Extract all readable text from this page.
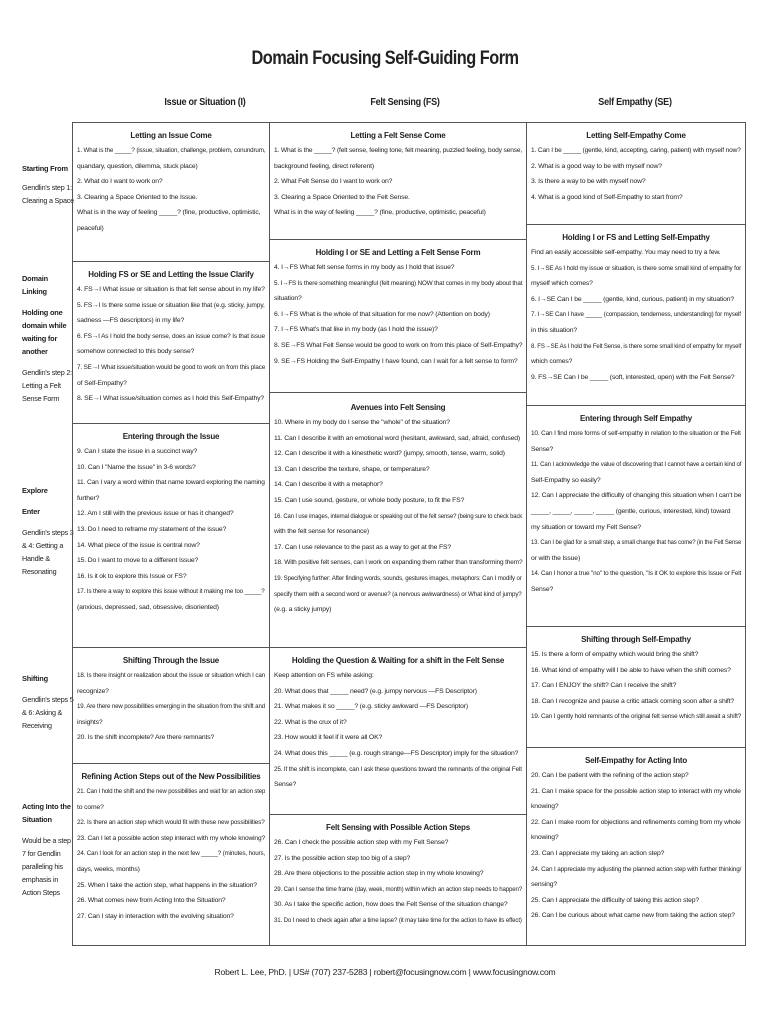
Domain Focusing Self-Guiding Form
Issue or Situation (I)	Felt Sensing (FS)	Self Empathy (SE)
Starting From
Gendlin's step 1: Clearing a Space
Domain Linking
Holding one domain while waiting for another
Gendlin's step 2: Letting a Felt Sense Form
Explore
Enter
Gendlin's steps 3 & 4: Getting a Handle & Resonating
Shifting
Gendlin's steps 5 & 6: Asking & Receiving
Acting Into the Situation
Would be a step 7 for Gendlin paralleling his emphasis in Action Steps
Letting an Issue Come
1. What is the _____? (issue, situation, challenge, problem, conundrum,
quandary, question, dilemma, stuck place)
2. What do I want to work on?
3. Clearing a Space Oriented to the Issue.
What is in the way of feeling _____? (fine, productive, optimistic,
peaceful)
Holding FS or SE and Letting the Issue Clarify
4. FS→I What issue or situation is that felt sense about in my life?
5. FS→I Is there some issue or situation like that (e.g. sticky, jumpy,
sadness —FS descriptors) in my life?
6. FS→I As I hold the body sense, does an issue come? Is that issue
somehow connected to this body sense?
7. SE→I What issue/situation would be good to work on from this place
of Self-Empathy?
8. SE→I What issue/situation comes as I hold this Self-Empathy?
Entering through the Issue
9. Can I state the issue in a succinct way?
10. Can I "Name the Issue" in 3-6 words?
11. Can I vary a word within that name toward exploring the naming
further?
12. Am I still with the previous issue or has it changed?
13. Do I need to reframe my statement of the issue?
14. What piece of the issue is central now?
15. Do I want to move to a different Issue?
16. Is it ok to explore this Issue or FS?
17. Is there a way to explore this issue without it making me too _____?
(anxious, depressed, sad, obsessive, disoriented)
Shifting Through the Issue
18. Is there insight or realization about the issue or situation which I can
recognize?
19. Are there new possibilities emerging in the situation from the shift and
insights?
20. Is the shift incomplete? Are there remnants?
Refining Action Steps out of the New Possibilities
21. Can I hold the shift and the new possibilities and wait for an action step
to come?
22. Is there an action step which would fit with these new possibilities?
23. Can I let a possible action step interact with my whole knowing?
24. Can I look for an action step in the next few _____? (minutes, hours,
days, weeks, months)
25. When I take the action step, what happens in the situation?
26. What comes new from Acting Into the Situation?
27. Can I stay in interaction with the evolving situation?
Letting a Felt Sense Come
1. What is the _____? (felt sense, feeling tone, felt meaning, puzzled feeling, body sense,
background feeling, direct referent)
2. What Felt Sense do I want to work on?
3. Clearing a Space Oriented to the Felt Sense.
What is in the way of feeling _____? (fine, productive, optimistic, peaceful)
Holding I or SE and Letting a Felt Sense Form
4. I→FS What felt sense forms in my body as I hold that issue?
5. I→FS Is there something meaningful (felt meaning) NOW that comes in my body about that
situation?
6. I→FS What is the whole of that situation for me now? (Attention on body)
7. I→FS What's that like in my body (as I hold the issue)?
8. SE→FS What Felt Sense would be good to work on from this place of Self-Empathy?
9. SE→FS Holding the Self-Empathy I have found, can I wait for a felt sense to form?
Avenues into Felt Sensing
10. Where in my body do I sense the "whole" of the situation?
11. Can I describe it with an emotional word (hesitant, awkward, sad, afraid, confused)
12. Can I describe it with a kinesthetic word? (jumpy, smooth, tense, warm, solid)
13. Can I describe the texture, shape, or temperature?
14. Can I describe it with a metaphor?
15. Can I use sound, gesture, or whole body posture, to fit the FS?
16. Can I use images, internal dialogue or speaking out of the felt sense? (being sure to check back
with the felt sense for resonance)
17. Can I use relevance to the past as a way to get at the FS?
18. With positive felt senses, can I work on expanding them rather than transforming them?
19. Specifying further: After finding words, sounds, gestures images, metaphors: Can I modify or
specify them with a second word or avenue? (a nervous awkwardness) or What kind of jumpy?
(e.g. a sticky jumpy)
Holding the Question & Waiting for a shift in the Felt Sense
Keep attention on FS while asking:
20. What does that _____ need? (e.g. jumpy nervous —FS Descriptor)
21. What makes it so _____? (e.g. sticky awkward —FS Descriptor)
22. What is the crux of it?
23. How would it feel if it were all OK?
24. What does this _____ (e.g. rough strange—FS Descriptor) imply for the situation?
25. If the shift is incomplete, can I ask these questions toward the remnants of the original Felt
Sense?
Felt Sensing with Possible Action Steps
26. Can I check the possible action step with my Felt Sense?
27. Is the possible action step too big of a step?
28. Are there objections to the possible action step in my whole knowing?
29. Can I sense the time frame (day, week, month) within which an action step needs to happen?
30. As I take the specific action, how does the Felt Sense of the situation change?
31. Do I need to check again after a time lapse? (it may take time for the action to have its effect)
Letting Self-Empathy Come
1. Can I be _____ (gentle, kind, accepting, caring, patient) with myself now?
2. What is a good way to be with myself now?
3. Is there a way to be with myself now?
4. What is a good kind of Self-Empathy to start from?
Holding I or FS and Letting Self-Empathy
Find an easily accessible self-empathy. You may need to try a few.
5. I→SE As I hold my issue or situation, is there some small kind of empathy for
myself which comes?
6. I→SE Can I be _____ (gentle, kind, curious, patient) in my situation?
7. I→SE Can I have _____ (compassion, tenderness, understanding) for myself
in this situation?
8. FS→SE As I hold the Felt Sense, is there some small kind of empathy for myself
which comes?
9. FS→SE Can I be _____ (soft, interested, open) with the Felt Sense?
Entering through Self Empathy
10. Can I find more forms of self-empathy in relation to the situation or the Felt
Sense?
11. Can I acknowledge the value of discovering that I cannot have a certain kind of
Self-Empathy so easily?
12. Can I appreciate the difficulty of changing this situation when I can't be
_____, _____, _____, _____ (gentle, curious, interested, kind) toward
my situation or toward my Felt Sense?
13. Can I be glad for a small step, a small change that has come? (in the Felt Sense
or with the Issue)
14. Can I honor a true "no" to the question, "Is it OK to explore this Issue or Felt
Sense?
Shifting through Self-Empathy
15. Is there a form of empathy which would bring the shift?
16. What kind of empathy will I be able to have when the shift comes?
17. Can I ENJOY the shift? Can I receive the shift?
18. Can I recognize and pause a critic attack coming soon after a shift?
19. Can I gently hold remnants of the original felt sense which still await a shift?
Self-Empathy for Acting Into
20. Can I be patient with the refining of the action step?
21. Can I make space for the possible action step to interact with my whole
knowing?
22. Can I make room for objections and refinements coming from my whole
knowing?
23. Can I appreciate my taking an action step?
24. Can I appreciate my adjusting the planned action step with further thinking/
sensing?
25. Can I appreciate the difficulty of taking this action step?
26. Can I be curious about what came new from taking the action step?
Robert L. Lee, PhD. | US# (707) 237-5283 | robert@focusingnow.com | www.focusingnow.com
